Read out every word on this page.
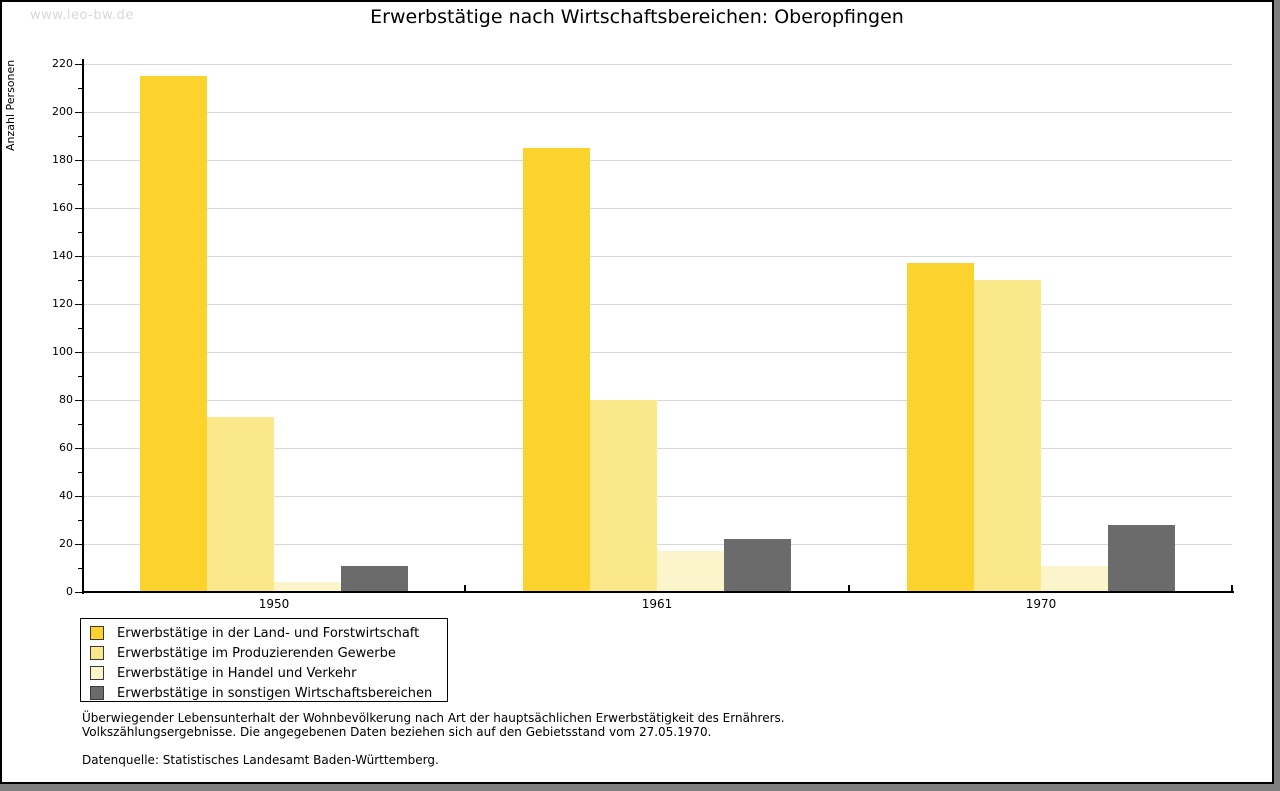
www.leo-bw.de	Erwerbstätige nach Wirtschaftsbereichen: Oberopfingen
Anzahl Personen
1950	1961	1970
0
20
40
60
80
100
120
140
160
180
200
220
Erwerbstätige in der Land- und Forstwirtschaft
Erwerbstätige im Produzierenden Gewerbe
Erwerbstätige in Handel und Verkehr
Erwerbstätige in sonstigen Wirtschaftsbereichen
Überwiegender Lebensunterhalt der Wohnbevölkerung nach Art der hauptsächlichen Erwerbstätigkeit des Ernährers.
Volkszählungsergebnisse. Die angegebenen Daten beziehen sich auf den Gebietsstand vom 27.05.1970.
Datenquelle: Statistisches Landesamt Baden-Württemberg.
